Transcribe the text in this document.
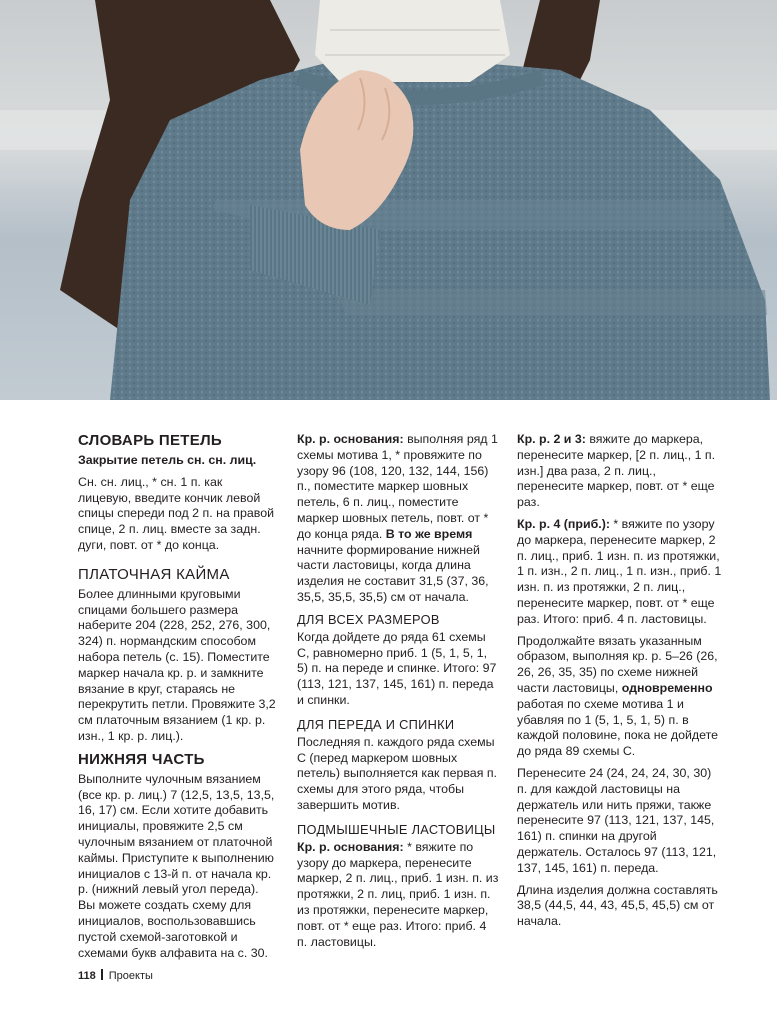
СЛОВАРЬ ПЕТЕЛЬ
Закрытие петель сн. сн. лиц.

Сн. сн. лиц., * сн. 1 п. как лицевую, введите кончик левой спицы спереди под 2 п. на правой спице, 2 п. лиц. вместе за задн. дуги, повт. от * до конца.

ПЛАТОЧНАЯ КАЙМА

Более длинными круговыми спицами большего размера наберите 204 (228, 252, 276, 300, 324) п. нормандским способом набора петель (с. 15). Поместите маркер начала кр. р. и замкните вязание в круг, стараясь не перекрутить петли. Провяжите 3,2 см платочным вязанием (1 кр. р. изн., 1 кр. р. лиц.).

НИЖНЯЯ ЧАСТЬ

Выполните чулочным вязанием (все кр. р. лиц.) 7 (12,5, 13,5, 13,5, 16, 17) см. Если хотите добавить инициалы, провяжите 2,5 см чулочным вязанием от платочной каймы. Приступите к выполнению инициалов с 13-й п. от начала кр. р. (нижний левый угол переда). Вы можете создать схему для инициалов, воспользовавшись пустой схемой-заготовкой и схемами букв алфавита на с. 30.

Кр. р. основания: выполняя ряд 1 схемы мотива 1, * провяжите по узору 96 (108, 120, 132, 144, 156) п., поместите маркер шовных петель, 6 п. лиц., поместите маркер шовных петель, повт. от * до конца ряда. В то же время начните формирование нижней части ластовицы, когда длина изделия не составит 31,5 (37, 36, 35,5, 35,5, 35,5) см от начала.

ДЛЯ ВСЕХ РАЗМЕРОВ

Когда дойдете до ряда 61 схемы С, равномерно приб. 1 (5, 1, 5, 1, 5) п. на переде и спинке. Итого: 97 (113, 121, 137, 145, 161) п. переда и спинки.

ДЛЯ ПЕРЕДА И СПИНКИ

Последняя п. каждого ряда схемы С (перед маркером шовных петель) выполняется как первая п. схемы для этого ряда, чтобы завершить мотив.

ПОДМЫШЕЧНЫЕ ЛАСТОВИЦЫ

Кр. р. основания: * вяжите по узору до маркера, перенесите маркер, 2 п. лиц., приб. 1 изн. п. из протяжки, 2 п. лиц, приб. 1 изн. п. из протяжки, перенесите маркер, повт. от * еще раз. Итого: приб. 4 п. ластовицы.

Кр. р. 2 и 3: вяжите до маркера, перенесите маркер, [2 п. лиц., 1 п. изн.] два раза, 2 п. лиц., перенесите маркер, повт. от * еще раз.

Кр. р. 4 (приб.): * вяжите по узору до маркера, перенесите маркер, 2 п. лиц., приб. 1 изн. п. из протяжки, 1 п. изн., 2 п. лиц., 1 п. изн., приб. 1 изн. п. из протяжки, 2 п. лиц., перенесите маркер, повт. от * еще раз. Итого: приб. 4 п. ластовицы.

Продолжайте вязать указанным образом, выполняя кр. р. 5–26 (26, 26, 26, 35, 35) по схеме нижней части ластовицы, одновременно работая по схеме мотива 1 и убавляя по 1 (5, 1, 5, 1, 5) п. в каждой половине, пока не дойдете до ряда 89 схемы С.

Перенесите 24 (24, 24, 24, 30, 30) п. для каждой ластовицы на держатель или нить пряжи, также перенесите 97 (113, 121, 137, 145, 161) п. спинки на другой держатель. Осталось 97 (113, 121, 137, 145, 161) п. переда.

Длина изделия должна составлять 38,5 (44,5, 44, 43, 45,5, 45,5) см от начала.

118 Проекты
